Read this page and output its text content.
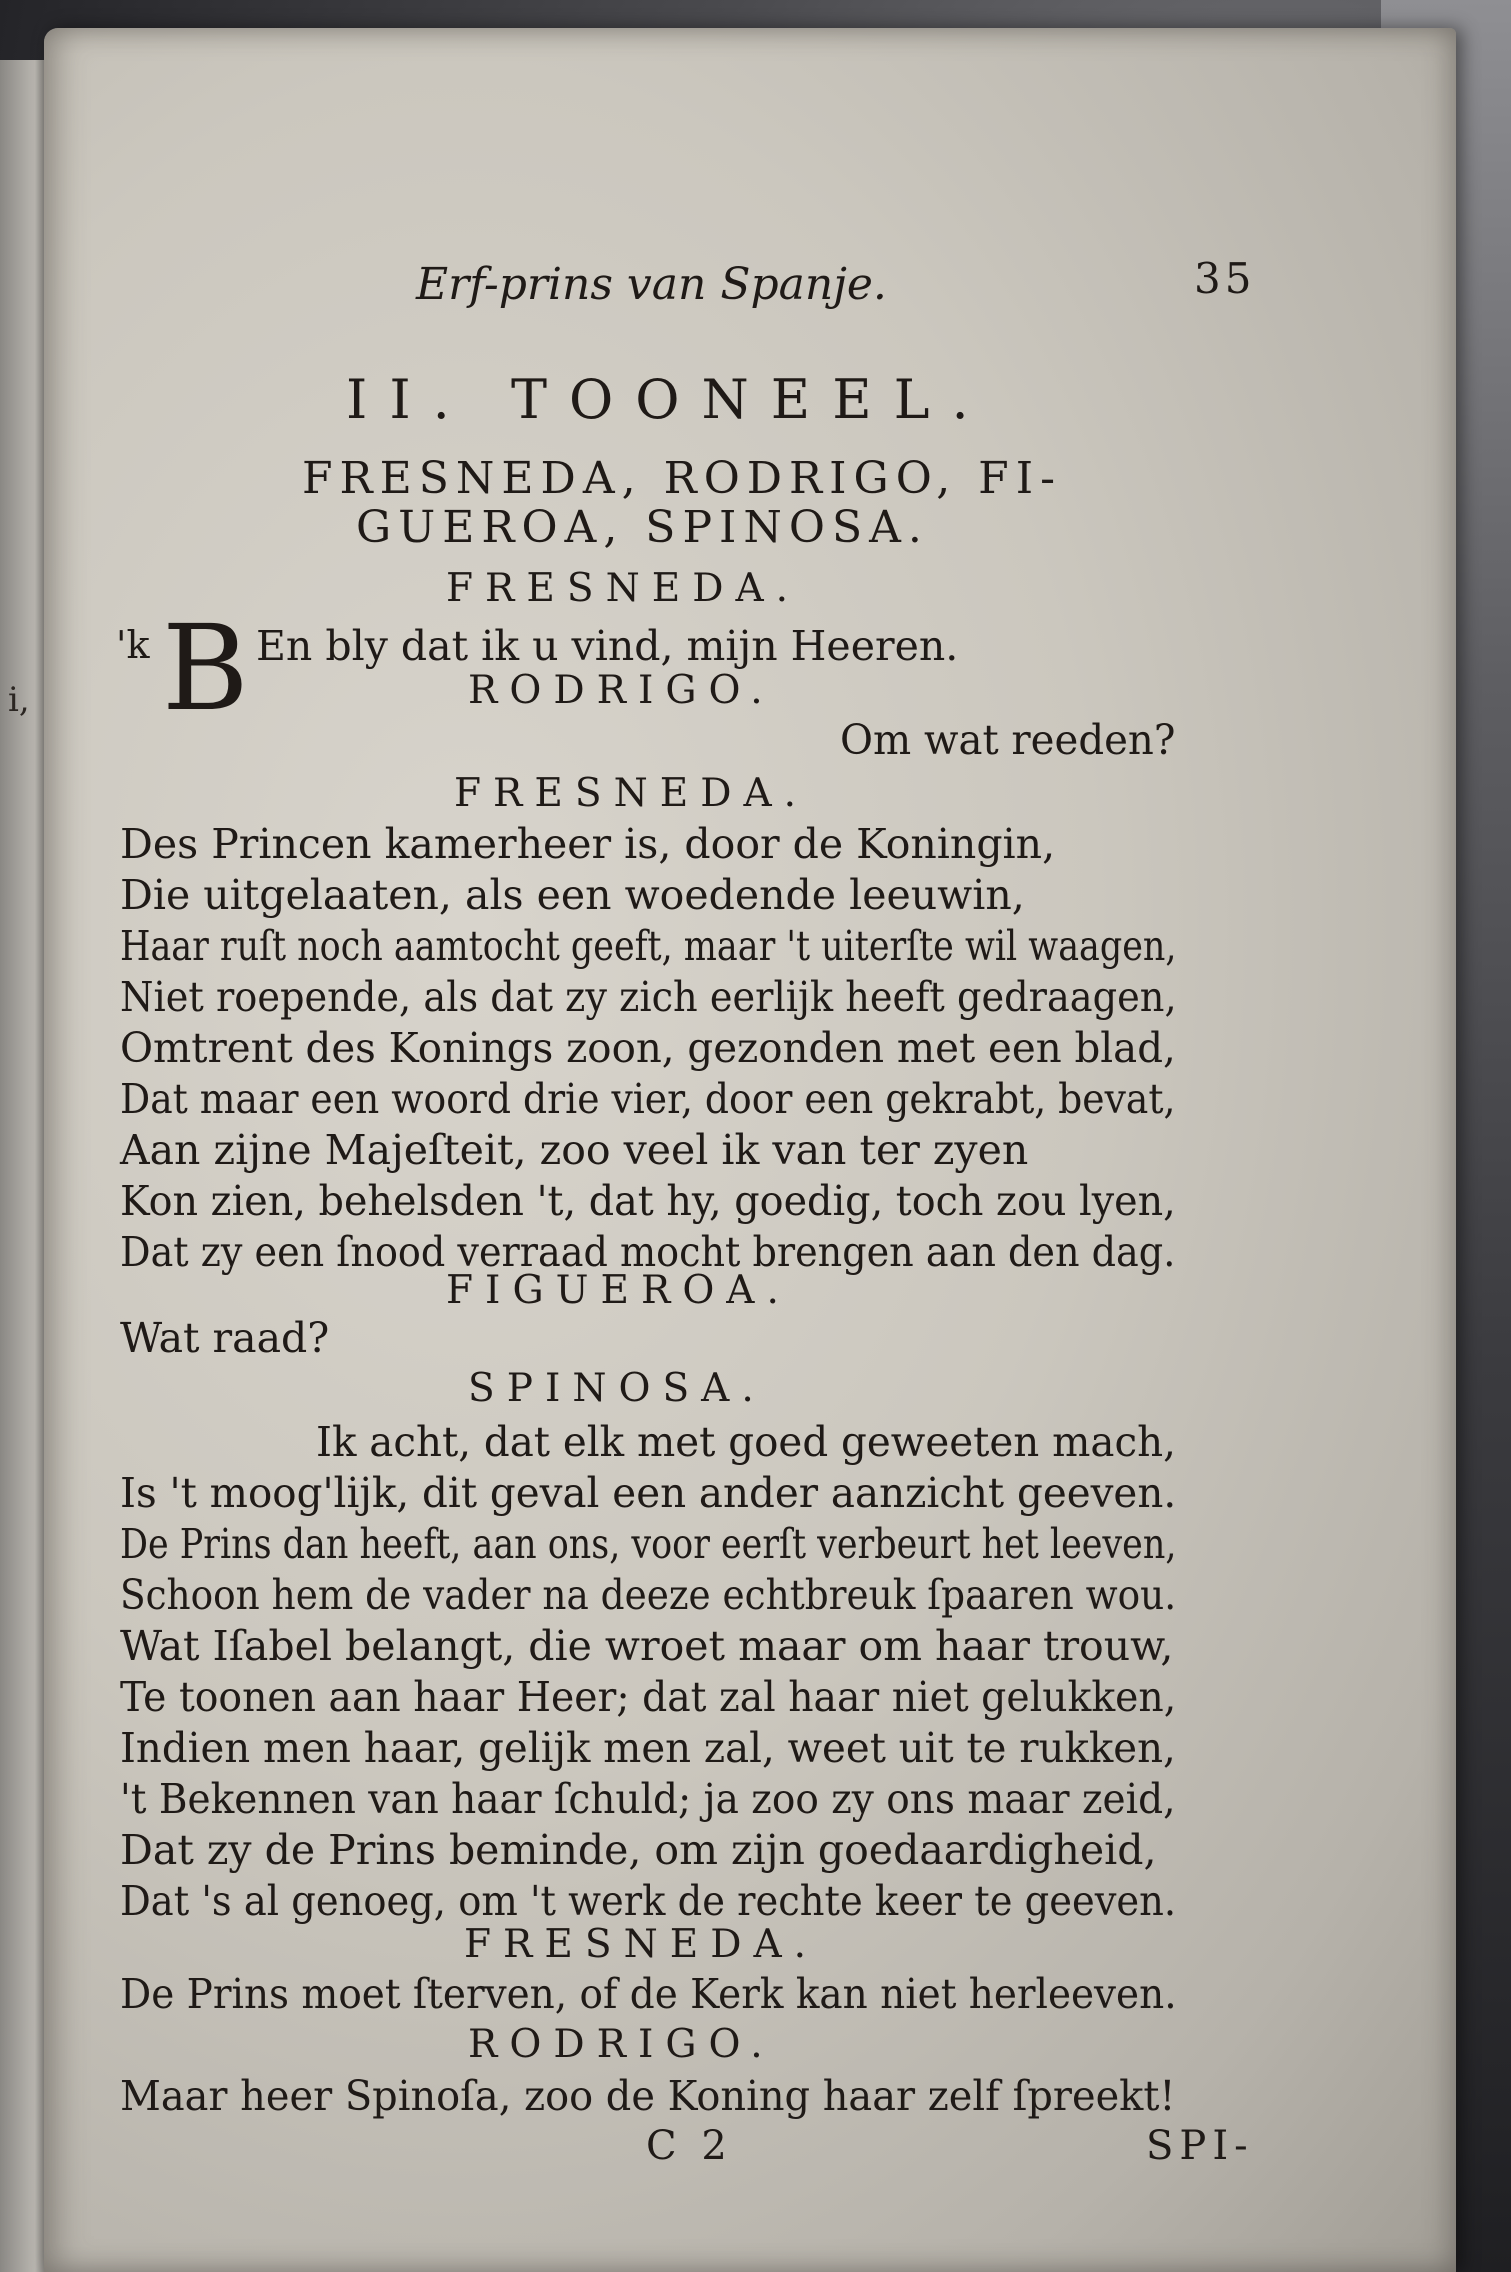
i,
Erf-prins van Spanje.	35
II. TOONEEL.
FRESNEDA, RODRIGO, FI-
GUEROA, SPINOSA.
FRESNEDA.
'k B En bly dat ik u vind, mijn Heeren.
RODRIGO.
Om wat reeden?
FRESNEDA.
Des Princen kamerheer is, door de Koningin,
Die uitgelaaten, als een woedende leeuwin,
Haar ruſt noch aamtocht geeft, maar 't uiterſte wil waagen,
Niet roepende, als dat zy zich eerlijk heeft gedraagen,
Omtrent des Konings zoon, gezonden met een blad,
Dat maar een woord drie vier, door een gekrabt, bevat,
Aan zijne Majeſteit, zoo veel ik van ter zyen
Kon zien, behelsden 't, dat hy, goedig, toch zou lyen,
Dat zy een ſnood verraad mocht brengen aan den dag.
FIGUEROA.
Wat raad?
SPINOSA.
Ik acht, dat elk met goed geweeten mach,
Is 't moog'lijk, dit geval een ander aanzicht geeven.
De Prins dan heeft, aan ons, voor eerſt verbeurt het leeven,
Schoon hem de vader na deeze echtbreuk ſpaaren wou.
Wat Iſabel belangt, die wroet maar om haar trouw,
Te toonen aan haar Heer; dat zal haar niet gelukken,
Indien men haar, gelijk men zal, weet uit te rukken,
't Bekennen van haar ſchuld; ja zoo zy ons maar zeid,
Dat zy de Prins beminde, om zijn goedaardigheid,
Dat 's al genoeg, om 't werk de rechte keer te geeven.
FRESNEDA.
De Prins moet ſterven, of de Kerk kan niet herleeven.
RODRIGO.
Maar heer Spinoſa, zoo de Koning haar zelf ſpreekt!
C 2	SPI-
